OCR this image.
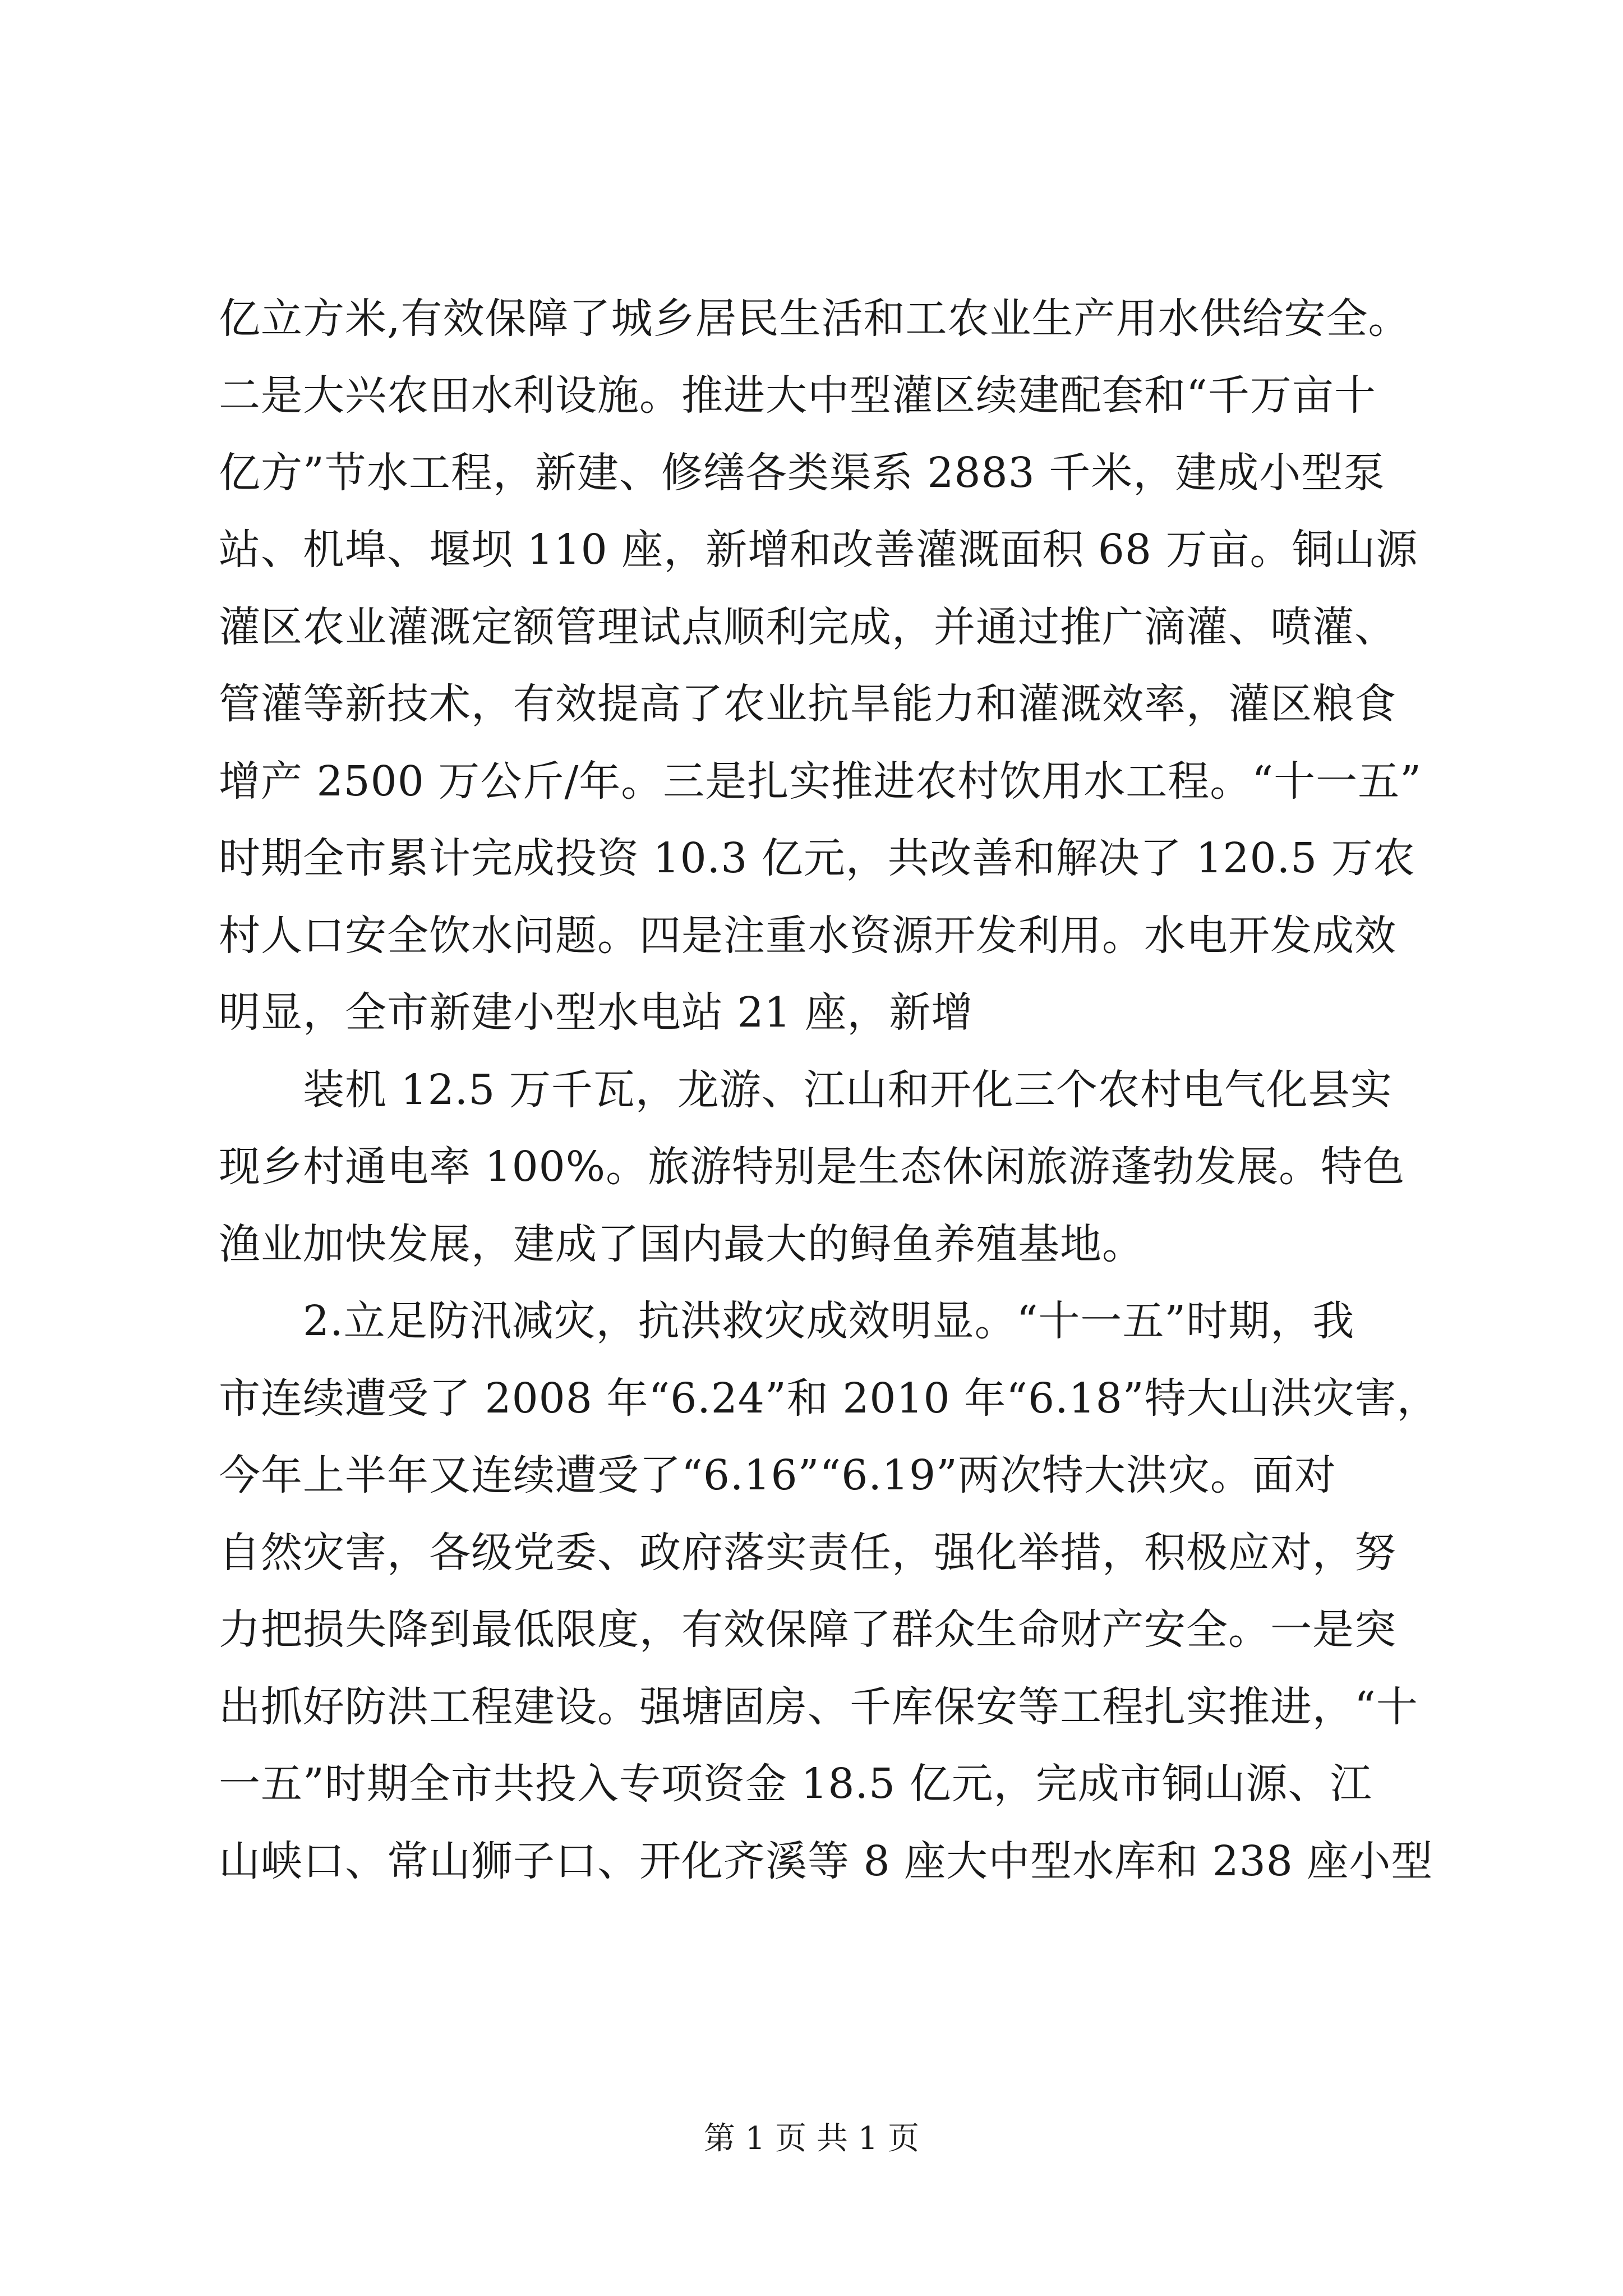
亿立方米,有效保障了城乡居民生活和工农业生产用水供给安全。
二是大兴农田水利设施。推进大中型灌区续建配套和“千万亩十
亿方”节水工程，新建、修缮各类渠系 2883 千米，建成小型泵
站、机埠、堰坝 110 座，新增和改善灌溉面积 68 万亩。铜山源
灌区农业灌溉定额管理试点顺利完成，并通过推广滴灌、喷灌、
管灌等新技术，有效提高了农业抗旱能力和灌溉效率，灌区粮食
增产 2500 万公斤/年。三是扎实推进农村饮用水工程。“十一五”
时期全市累计完成投资 10.3 亿元，共改善和解决了 120.5 万农
村人口安全饮水问题。四是注重水资源开发利用。水电开发成效
明显，全市新建小型水电站 21 座，新增
装机 12.5 万千瓦，龙游、江山和开化三个农村电气化县实
现乡村通电率 100%。旅游特别是生态休闲旅游蓬勃发展。特色
渔业加快发展，建成了国内最大的鲟鱼养殖基地。
2.立足防汛减灾，抗洪救灾成效明显。“十一五”时期，我
市连续遭受了 2008 年“6.24”和 2010 年“6.18”特大山洪灾害，
今年上半年又连续遭受了“6.16”“6.19”两次特大洪灾。面对
自然灾害，各级党委、政府落实责任，强化举措，积极应对，努
力把损失降到最低限度，有效保障了群众生命财产安全。一是突
出抓好防洪工程建设。强塘固房、千库保安等工程扎实推进，“十
一五”时期全市共投入专项资金 18.5 亿元，完成市铜山源、江
山峡口、常山狮子口、开化齐溪等 8 座大中型水库和 238 座小型
第 1 页 共 1 页
